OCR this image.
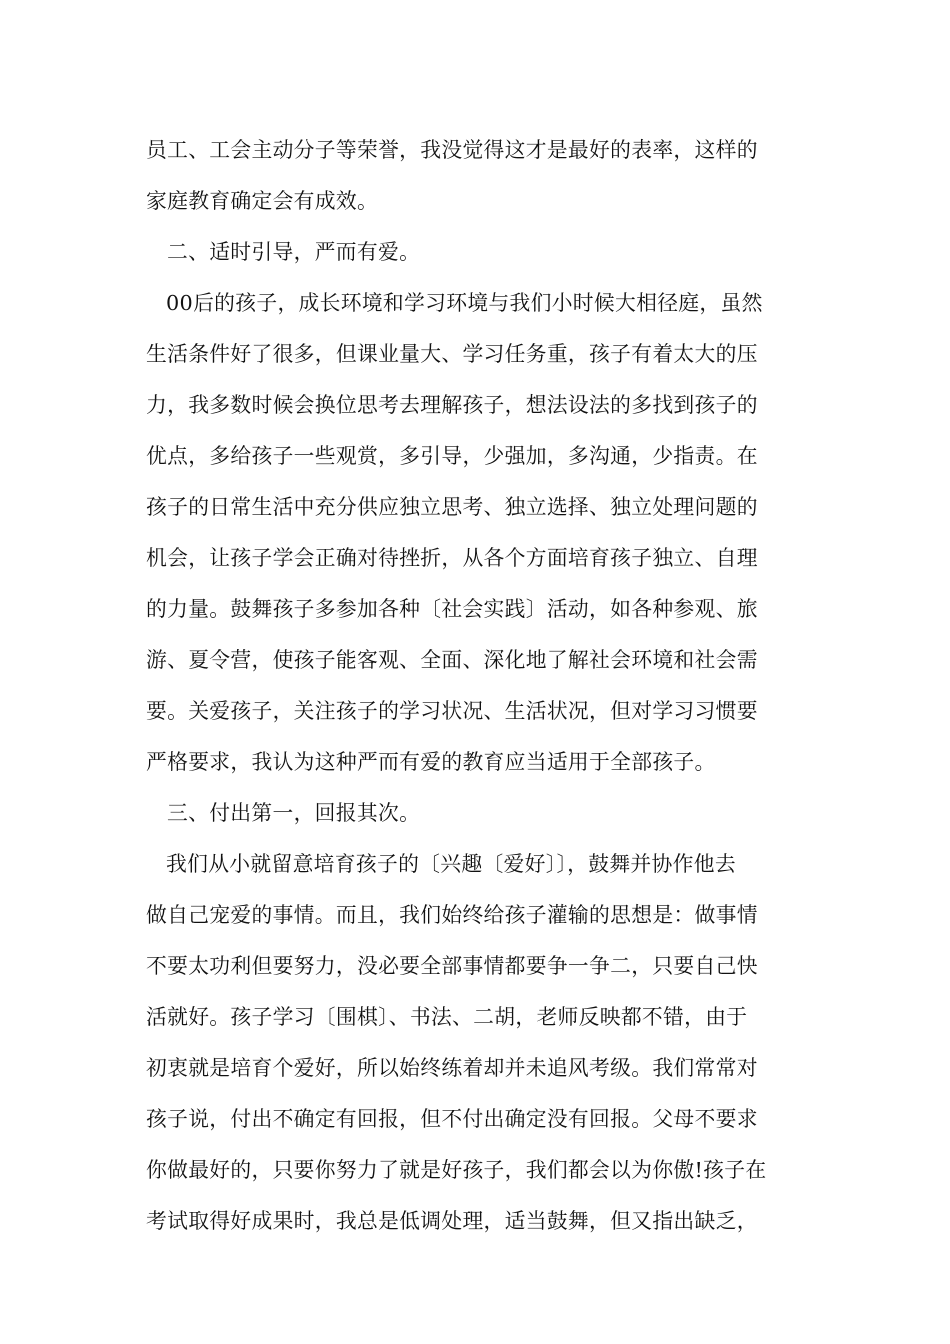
员工、工会主动分子等荣誉，我没觉得这才是最好的表率，这样的
家庭教育确定会有成效。
二、适时引导，严而有爱。
00后的孩子，成长环境和学习环境与我们小时候大相径庭，虽然
生活条件好了很多，但课业量大、学习任务重，孩子有着太大的压
力，我多数时候会换位思考去理解孩子，想法设法的多找到孩子的
优点，多给孩子一些观赏，多引导，少强加，多沟通，少指责。在
孩子的日常生活中充分供应独立思考、独立选择、独立处理问题的
机会，让孩子学会正确对待挫折，从各个方面培育孩子独立、自理
的力量。鼓舞孩子多参加各种〔社会实践〕活动，如各种参观、旅
游、夏令营，使孩子能客观、全面、深化地了解社会环境和社会需
要。关爱孩子，关注孩子的学习状况、生活状况，但对学习习惯要
严格要求，我认为这种严而有爱的教育应当适用于全部孩子。
三、付出第一，回报其次。
我们从小就留意培育孩子的〔兴趣〔爱好〕〕，鼓舞并协作他去
做自己宠爱的事情。而且，我们始终给孩子灌输的思想是：做事情
不要太功利但要努力，没必要全部事情都要争一争二，只要自己快
活就好。孩子学习〔围棋〕、书法、二胡，老师反映都不错，由于
初衷就是培育个爱好，所以始终练着却并未追风考级。我们常常对
孩子说，付出不确定有回报，但不付出确定没有回报。父母不要求
你做最好的，只要你努力了就是好孩子，我们都会以为你傲!孩子在
考试取得好成果时，我总是低调处理，适当鼓舞，但又指出缺乏，
